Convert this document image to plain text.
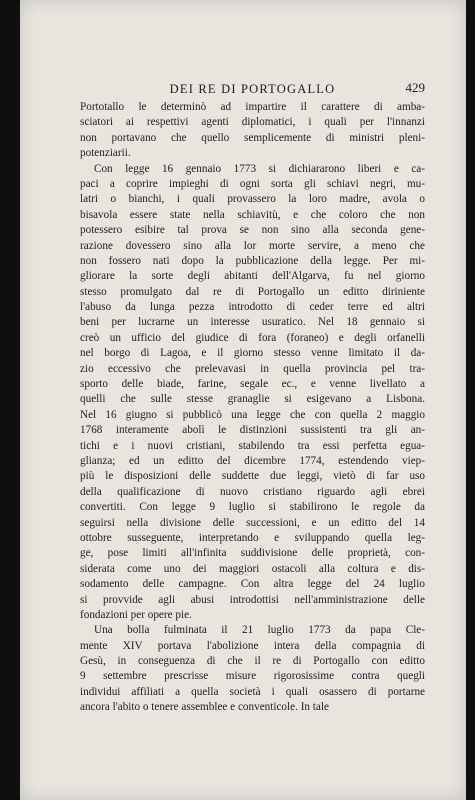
DEI RE DI PORTOGALLO	429
Portotallo le determinò ad impartire il carattere di amba-
sciatori ai respettivi agenti diplomatici, i quali per l'innanzi
non portavano che quello semplicemente di ministri pleni-
potenziarii.
Con legge 16 gennaio 1773 si dichiararono liberi e ca-
paci a coprire impieghi di ogni sorta gli schiavi negri, mu-
latri o bianchi, i quali provassero la loro madre, avola o
bisavola essere state nella schiavitù, e che coloro che non
potessero esibire tal prova se non sino alla seconda gene-
razione dovessero sino alla lor morte servire, a meno che
non fossero nati dopo la pubblicazione della legge. Per mi-
gliorare la sorte degli abitanti dell'Algarva, fu nel giorno
stesso promulgato dal re di Portogallo un editto diriniente
l'abuso da lunga pezza introdotto di ceder terre ed altri
beni per lucrarne un interesse usuratico. Nel 18 gennaio si
creò un ufficio del giudice di fora (foraneo) e degli orfanelli
nel borgo di Lagoa, e il giorno stesso venne limitato il da-
zio eccessivo che prelevavasi in quella provincia pel tra-
sporto delle biade, farine, segale ec., e venne livellato a
quelli che sulle stesse granaglie si esigevano a Lisbona.
Nel 16 giugno si pubblicò una legge che con quella 2 maggio
1768 interamente abolì le distinzioni sussistenti tra gli an-
tichi e i nuovi cristiani, stabilendo tra essi perfetta egua-
glianza; ed un editto del dicembre 1774, estendendo viep-
più le disposizioni delle suddette due leggi, vietò di far uso
della qualificazione di nuovo cristiano riguardo agli ebrei
convertiti. Con legge 9 luglio si stabilirono le regole da
seguirsi nella divisione delle successioni, e un editto del 14
ottobre susseguente, interpretando e sviluppando quella leg-
ge, pose limiti all'infinita suddivisione delle proprietà, con-
siderata come uno dei maggiori ostacoli alla coltura e dis-
sodamento delle campagne. Con altra legge del 24 luglio
si provvide agli abusi introdottisi nell'amministrazione delle
fondazioni per opere pie.
Una bolla fulminata il 21 luglio 1773 da papa Cle-
mente XIV portava l'abolizione intera della compagnia di
Gesù, in conseguenza di che il re di Portogallo con editto
9 settembre prescrisse misure rigorosissime contra quegli
individui affiliati a quella società i quali osassero di portarne
ancora l'abito o tenere assemblee e conventicole. In tale
